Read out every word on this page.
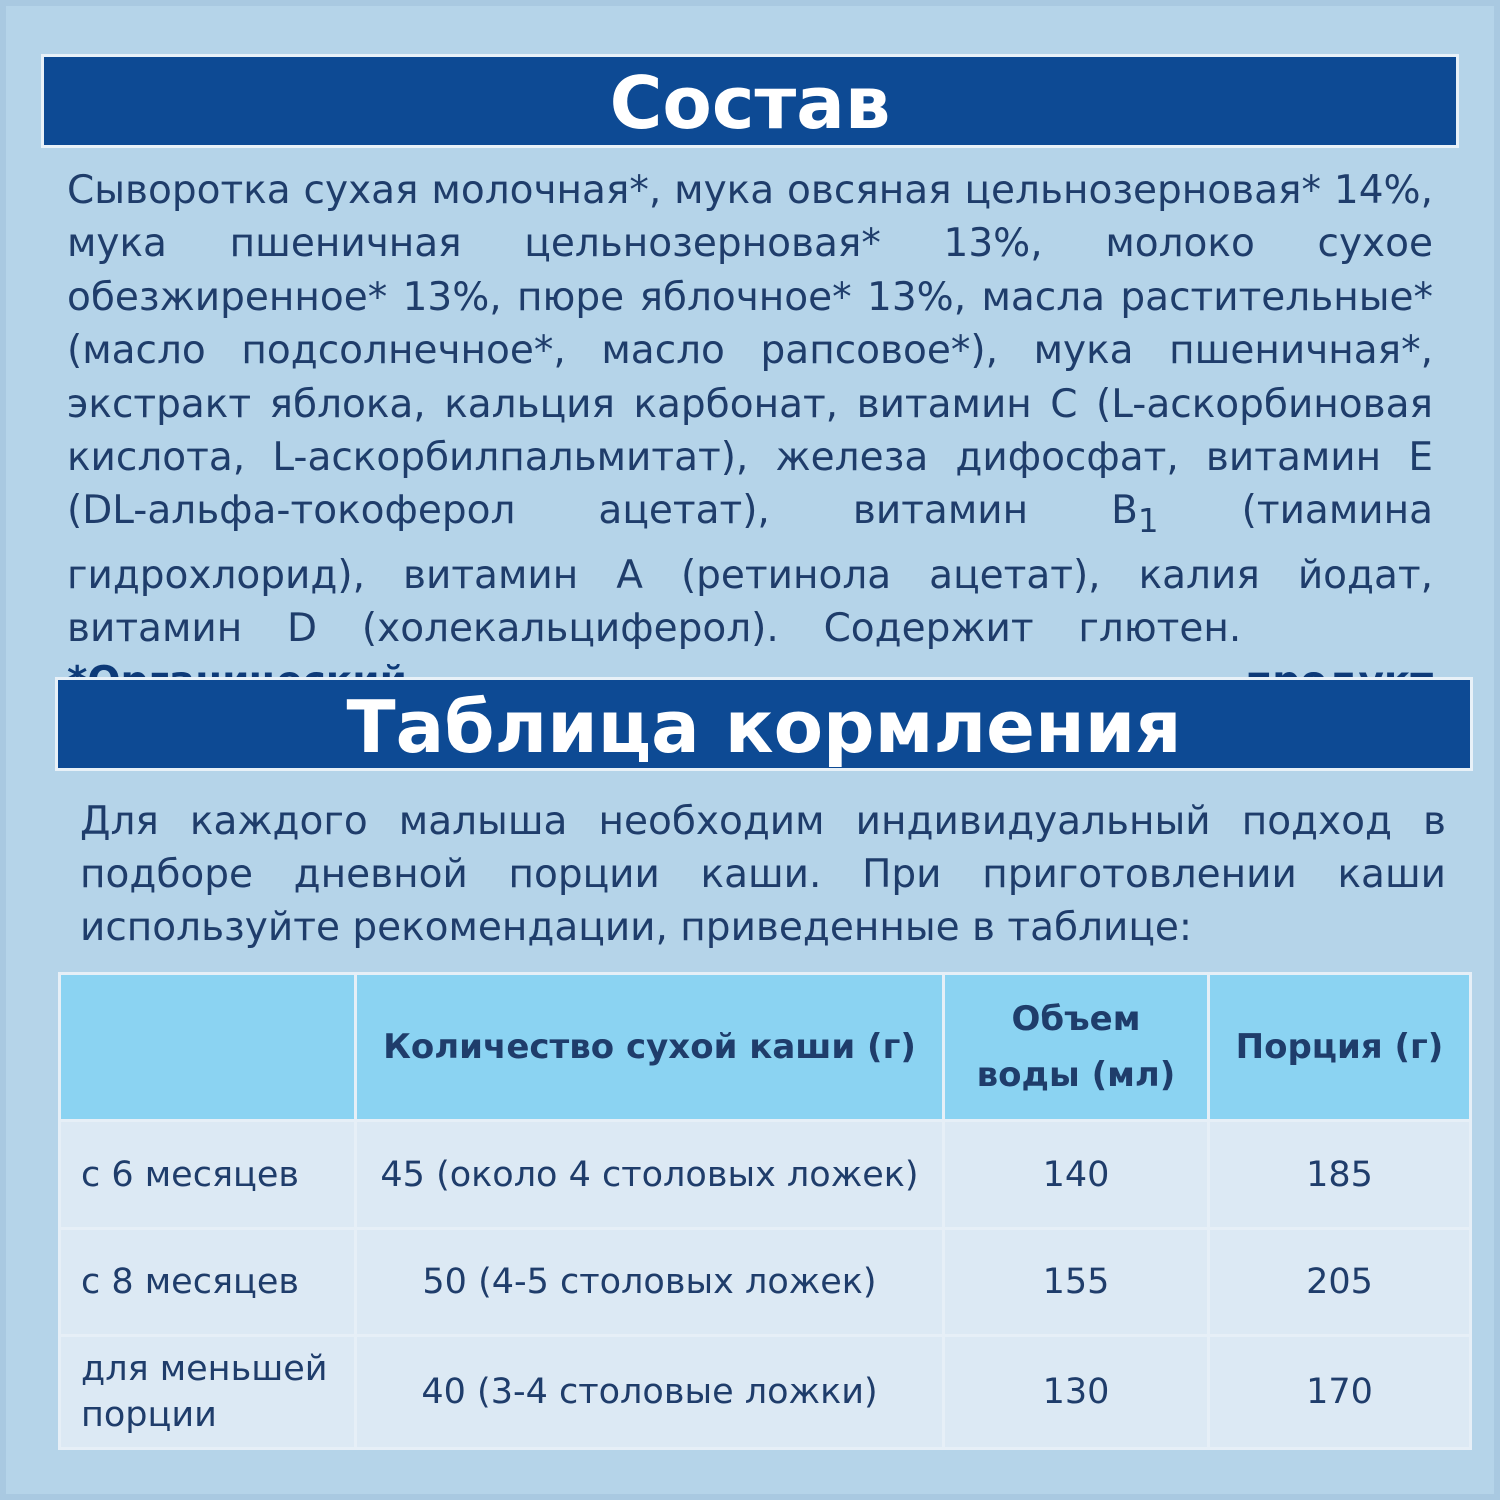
Состав

Сыворотка сухая молочная*, мука овсяная цельнозерновая* 14%, мука пшеничная цельнозерновая* 13%, молоко сухое обезжиренное* 13%, пюре яблочное* 13%, масла растительные* (масло подсолнечное*, масло рапсовое*), мука пшеничная*, экстракт яблока, кальция карбонат, витамин С (L-аскорбиновая кислота, L-аскорбилпальмитат), железа дифосфат, витамин Е (DL-альфа-токоферол ацетат), витамин $B_1$ (тиамина гидрохлорид), витамин А (ретинола ацетат), калия йодат, витамин D (холекальциферол). Содержит глютен.

Таблица кормления

Для каждого малыша необходим индивидуальный подход в подборе дневной порции каши. При приготовлении каши используйте рекомендации, приведенные в таблице:

	Количество сухой каши (г)	Объем воды (мл)	Порция (г)
с 6 месяцев	45 (около 4 столовых ложек)	140	185
с 8 месяцев	50 (4-5 столовых ложек)	155	205
для меньшей порции	40 (3-4 столовые ложки)	130	170
